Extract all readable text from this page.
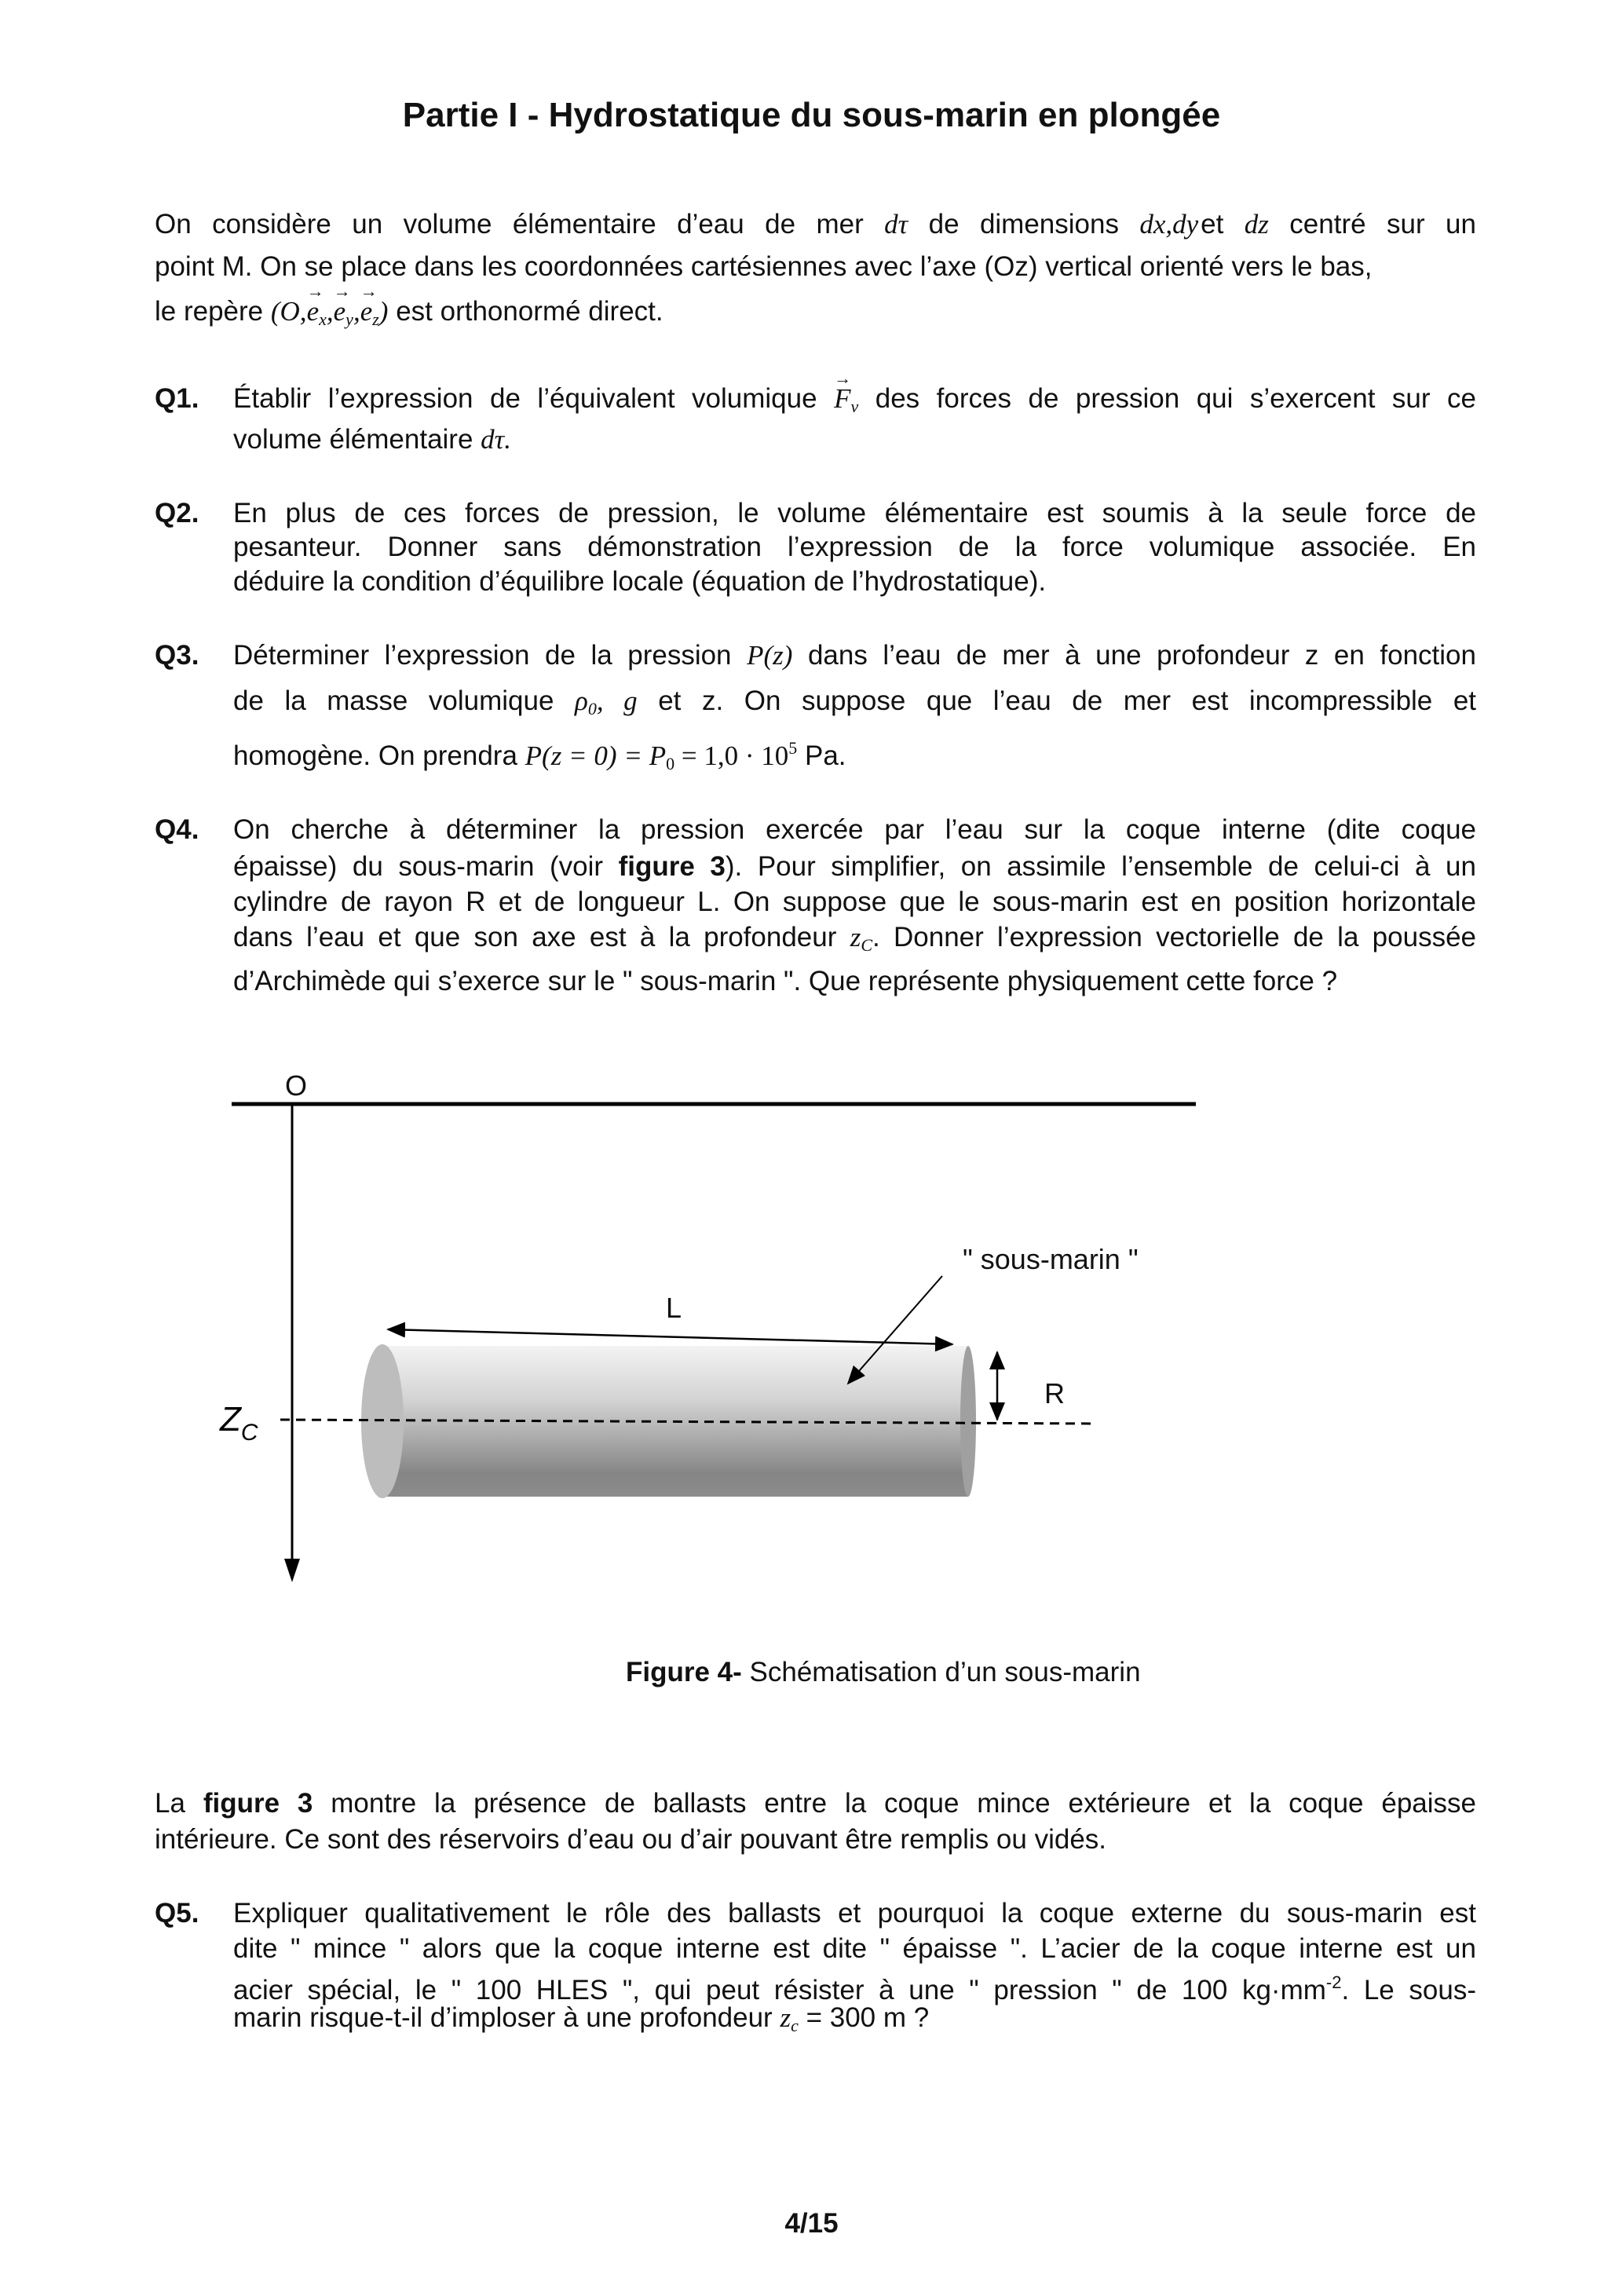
Partie I - Hydrostatique du sous-marin en plongée
On considère un volume élémentaire d’eau de mer dτ de dimensions dx,dy et dz centré sur un
point M. On se place dans les coordonnées cartésiennes avec l’axe (Oz) vertical orienté vers le bas,
le repère $(O,\to e_x,\to e_y,\to e_z)$ est orthonormé direct.
Q1. Établir l’expression de l’équivalent volumique → $F_v$ des forces de pression qui s’exercent sur ce
volume élémentaire dτ.
Q2. En plus de ces forces de pression, le volume élémentaire est soumis à la seule force de
pesanteur. Donner sans démonstration l’expression de la force volumique associée. En
déduire la condition d’équilibre locale (équation de l’hydrostatique).
Q3. Déterminer l’expression de la pression P(z) dans l’eau de mer à une profondeur z en fonction
de la masse volumique $\rho_0$, g et z. On suppose que l’eau de mer est incompressible et
homogène. On prendra $P(z = 0) = P_0 = 1,0 \cdot 10^5$ Pa.
Q4. On cherche à déterminer la pression exercée par l’eau sur la coque interne (dite coque
épaisse) du sous-marin (voir figure 3). Pour simplifier, on assimile l’ensemble de celui-ci à un
cylindre de rayon R et de longueur L. On suppose que le sous-marin est en position horizontale
dans l’eau et que son axe est à la profondeur $z_C$. Donner l’expression vectorielle de la poussée
d’Archimède qui s’exerce sur le " sous-marin ". Que représente physiquement cette force ?
O
$Z_C$
L
R
" sous-marin "
Figure 4- Schématisation d’un sous-marin
La figure 3 montre la présence de ballasts entre la coque mince extérieure et la coque épaisse
intérieure. Ce sont des réservoirs d’eau ou d’air pouvant être remplis ou vidés.
Q5. Expliquer qualitativement le rôle des ballasts et pourquoi la coque externe du sous-marin est
dite " mince " alors que la coque interne est dite " épaisse ". L’acier de la coque interne est un
acier spécial, le " 100 HLES ", qui peut résister à une " pression " de 100 $kg\cdot mm^{-2}$. Le sous-
marin risque-t-il d’imploser à une profondeur $z_c = 300$ m ?
4/15
